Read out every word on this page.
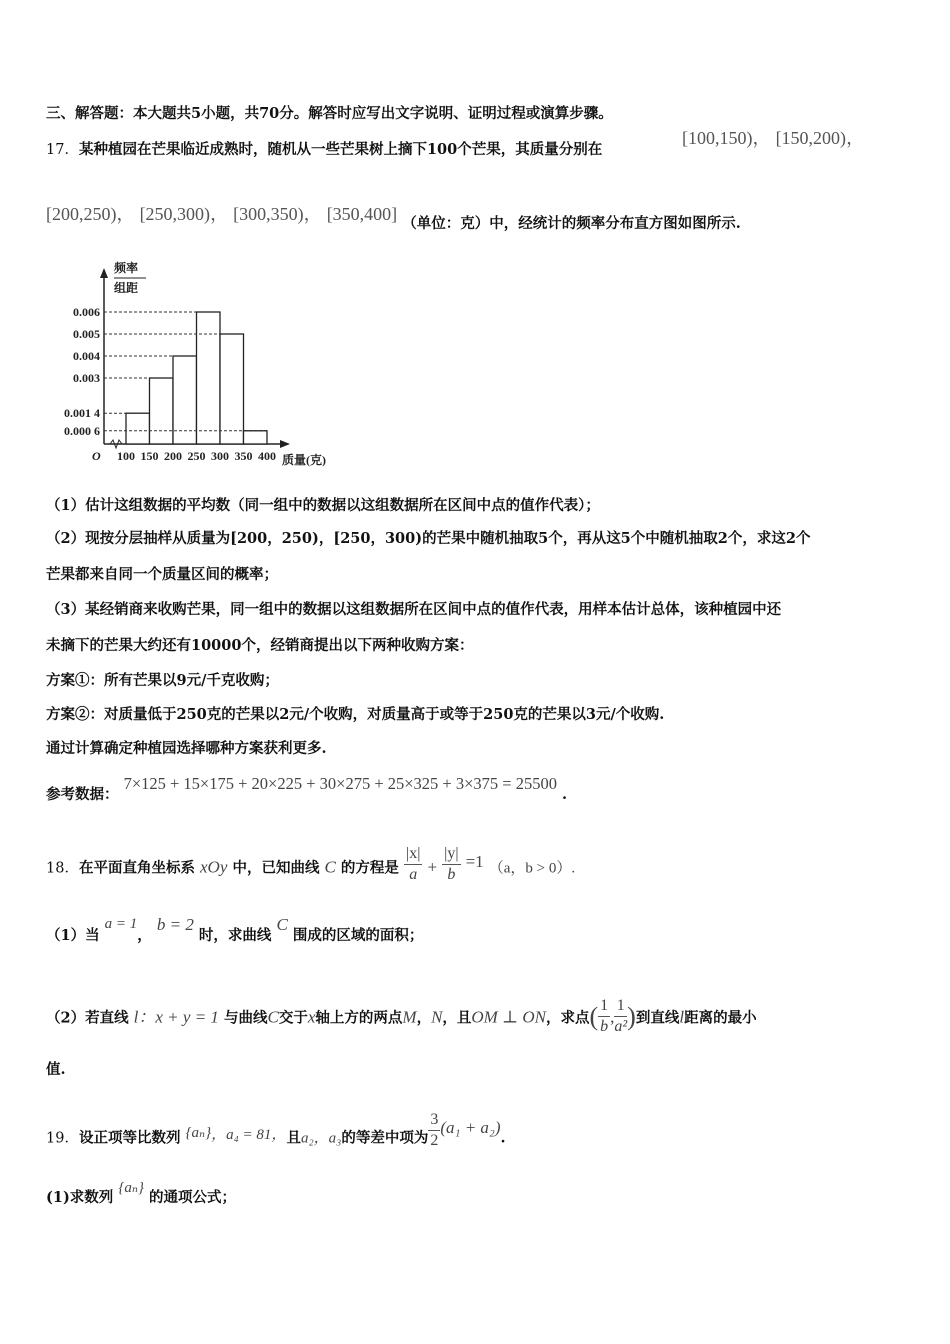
三、解答题：本大题共5小题，共70分。解答时应写出文字说明、证明过程或演算步骤。
17．某种植园在芒果临近成熟时，随机从一些芒果树上摘下100个芒果，其质量分别在
[100,150)， [150,200)，
[200,250)， [250,300)， [300,350)， [350,400] （单位：克）中，经统计的频率分布直方图如图所示.
频率
组距
0.006
0.005
0.004
0.003
0.001 4
0.000 6
100 150 200 250 300 350 400 质量(克)
O
（1）估计这组数据的平均数（同一组中的数据以这组数据所在区间中点的值作代表）；
（2）现按分层抽样从质量为[200，250)，[250，300)的芒果中随机抽取5个，再从这5个中随机抽取2个，求这2个
芒果都来自同一个质量区间的概率；
（3）某经销商来收购芒果，同一组中的数据以这组数据所在区间中点的值作代表，用样本估计总体，该种植园中还
未摘下的芒果大约还有10000个，经销商提出以下两种收购方案：
方案①：所有芒果以9元/千克收购；
方案②：对质量低于250克的芒果以2元/个收购，对质量高于或等于250克的芒果以3元/个收购.
通过计算确定种植园选择哪种方案获利更多.
参考数据： 7×125 + 15×175 + 20×225 + 30×275 + 25×325 + 3×375 = 25500 .
18．在平面直角坐标系 xOy 中，已知曲线 C 的方程是 $\frac{|x|}{a} + \frac{|y|}{b} =1$ （a，b > 0）.
（1）当 a = 1， b = 2 时，求曲线 C 围成的区域的面积；
（2）若直线 l：x + y = 1 与曲线C交于x轴上方的两点M，N，且OM ⊥ ON，求点( $\frac{1}{b}$ , $\frac{1}{\text{a²}}$ )到直线l距离的最小
值.
19．设正项等比数列 {aₙ}，a₄ = 81，且a₂，a₃的等差中项为 $\frac{3}{2} (a_1 + a_2)$.
(1)求数列 {aₙ} 的通项公式；
